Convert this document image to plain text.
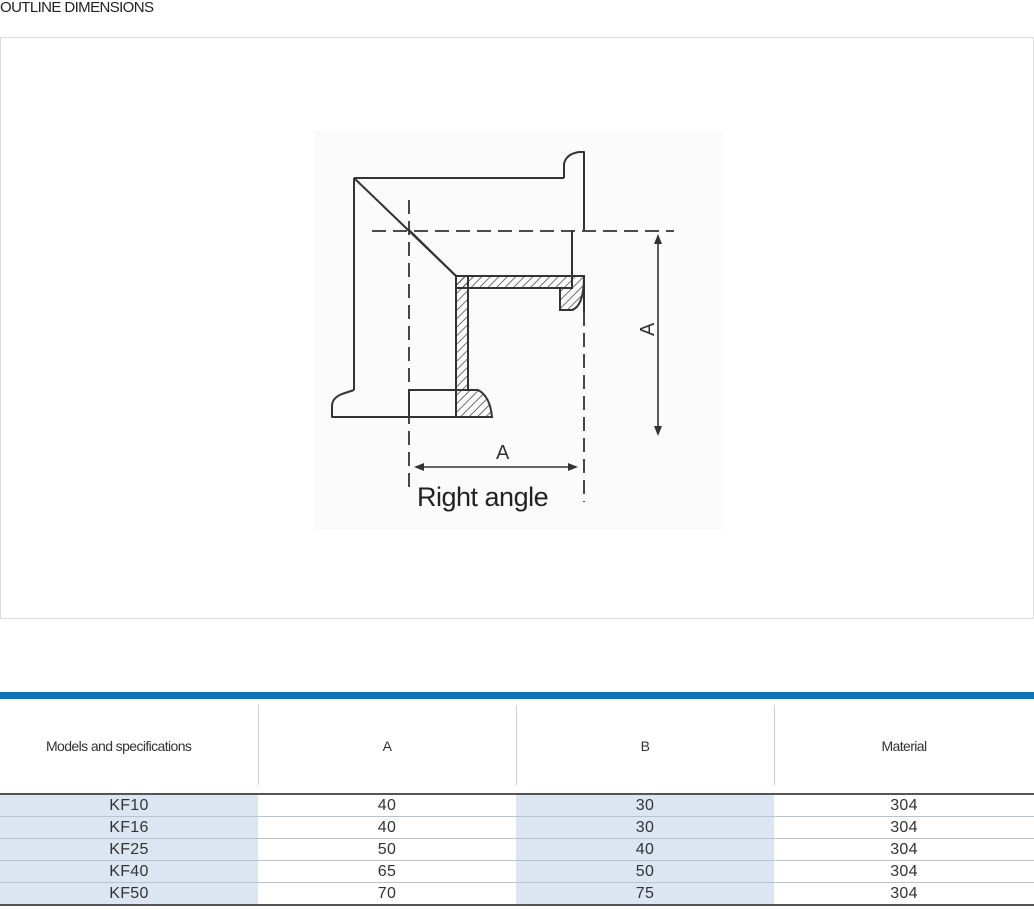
OUTLINE DIMENSIONS
A
A
Right angle
Models and specifications	A	B	Material
KF10	40	30	304
KF16	40	30	304
KF25	50	40	304
KF40	65	50	304
KF50	70	75	304
